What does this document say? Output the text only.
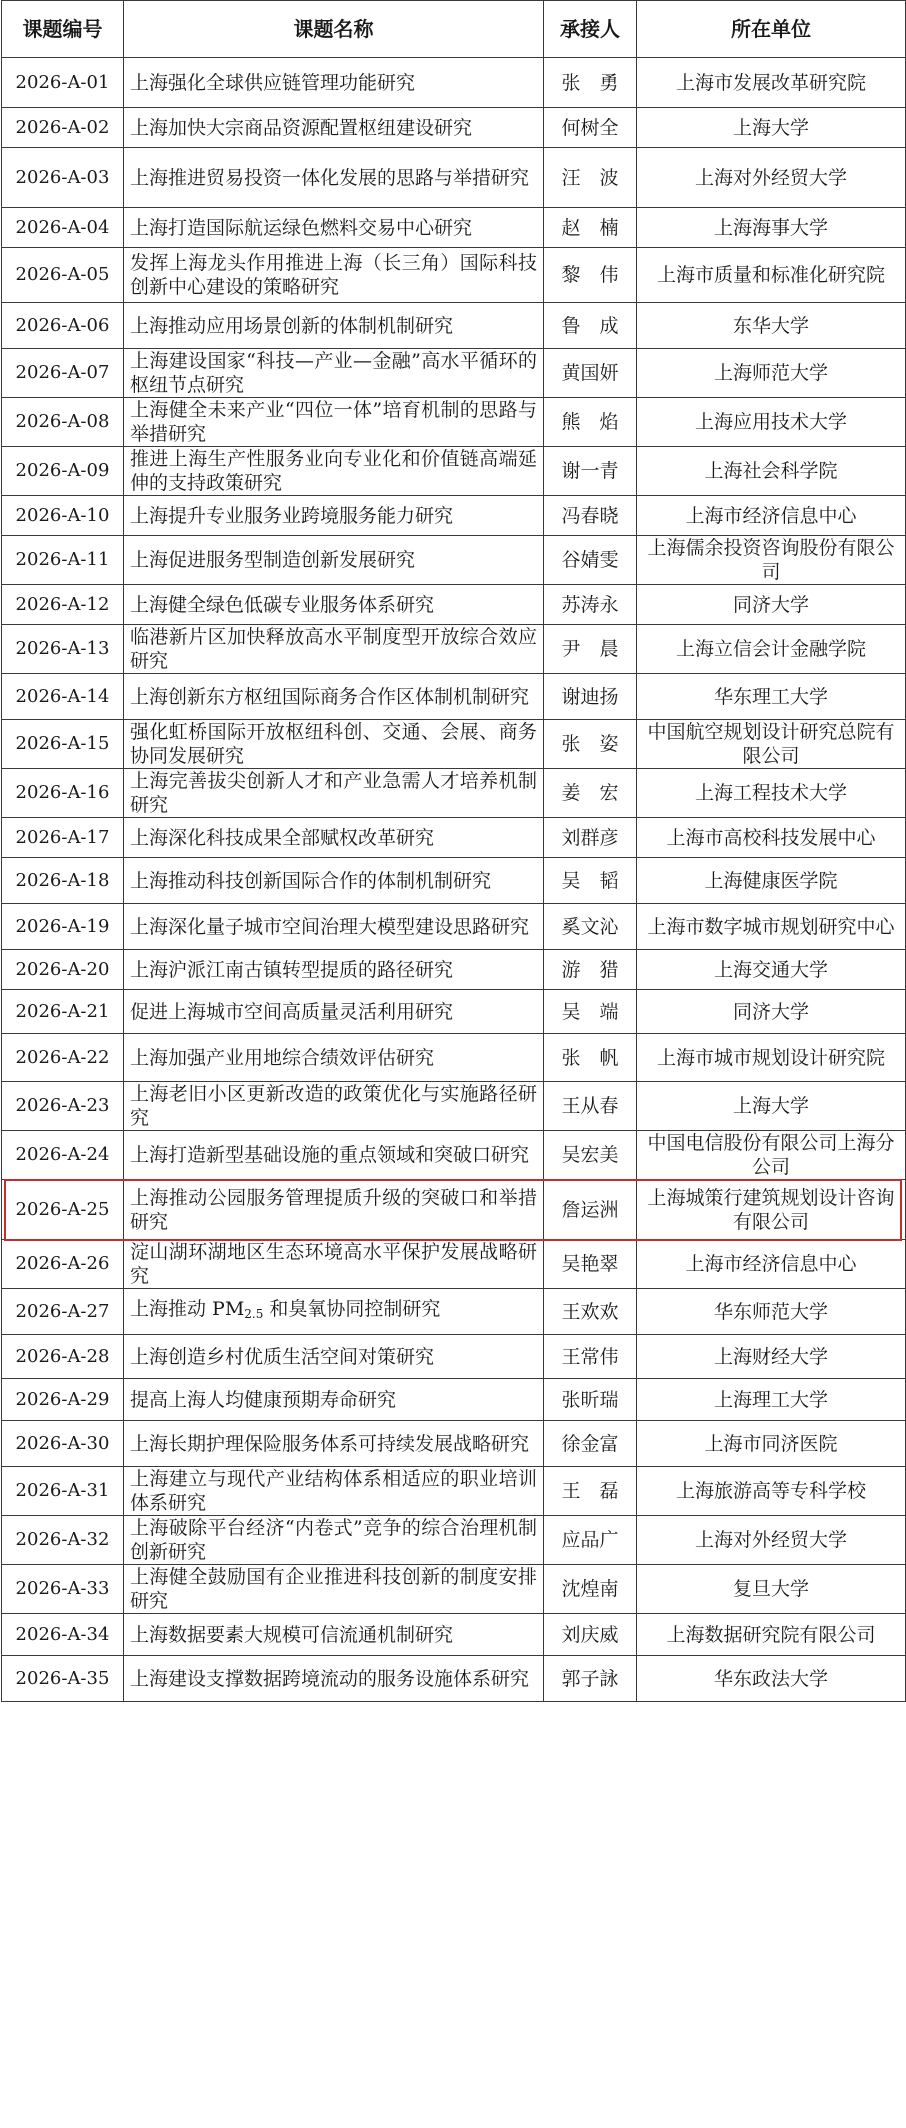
课题编号	课题名称	承接人	所在单位
2026-A-01	上海强化全球供应链管理功能研究	张　勇	上海市发展改革研究院
2026-A-02	上海加快大宗商品资源配置枢纽建设研究	何树全	上海大学
2026-A-03	上海推进贸易投资一体化发展的思路与举措研究	汪　波	上海对外经贸大学
2026-A-04	上海打造国际航运绿色燃料交易中心研究	赵　楠	上海海事大学
2026-A-05	发挥上海龙头作用推进上海（长三角）国际科技创新中心建设的策略研究	黎　伟	上海市质量和标准化研究院
2026-A-06	上海推动应用场景创新的体制机制研究	鲁　成	东华大学
2026-A-07	上海建设国家“科技—产业—金融”高水平循环的枢纽节点研究	黄国妍	上海师范大学
2026-A-08	上海健全未来产业“四位一体”培育机制的思路与举措研究	熊　焰	上海应用技术大学
2026-A-09	推进上海生产性服务业向专业化和价值链高端延伸的支持政策研究	谢一青	上海社会科学院
2026-A-10	上海提升专业服务业跨境服务能力研究	冯春晓	上海市经济信息中心
2026-A-11	上海促进服务型制造创新发展研究	谷婧雯	上海儒余投资咨询股份有限公司
2026-A-12	上海健全绿色低碳专业服务体系研究	苏涛永	同济大学
2026-A-13	临港新片区加快释放高水平制度型开放综合效应研究	尹　晨	上海立信会计金融学院
2026-A-14	上海创新东方枢纽国际商务合作区体制机制研究	谢迪扬	华东理工大学
2026-A-15	强化虹桥国际开放枢纽科创、交通、会展、商务协同发展研究	张　姿	中国航空规划设计研究总院有限公司
2026-A-16	上海完善拔尖创新人才和产业急需人才培养机制研究	姜　宏	上海工程技术大学
2026-A-17	上海深化科技成果全部赋权改革研究	刘群彦	上海市高校科技发展中心
2026-A-18	上海推动科技创新国际合作的体制机制研究	吴　韬	上海健康医学院
2026-A-19	上海深化量子城市空间治理大模型建设思路研究	奚文沁	上海市数字城市规划研究中心
2026-A-20	上海沪派江南古镇转型提质的路径研究	游　猎	上海交通大学
2026-A-21	促进上海城市空间高质量灵活利用研究	吴　端	同济大学
2026-A-22	上海加强产业用地综合绩效评估研究	张　帆	上海市城市规划设计研究院
2026-A-23	上海老旧小区更新改造的政策优化与实施路径研究	王从春	上海大学
2026-A-24	上海打造新型基础设施的重点领域和突破口研究	吴宏美	中国电信股份有限公司上海分公司
2026-A-25	上海推动公园服务管理提质升级的突破口和举措研究	詹运洲	上海城策行建筑规划设计咨询有限公司
2026-A-26	淀山湖环湖地区生态环境高水平保护发展战略研究	吴艳翠	上海市经济信息中心
2026-A-27	上海推动 $PM_{2.5}$ 和臭氧协同控制研究	王欢欢	华东师范大学
2026-A-28	上海创造乡村优质生活空间对策研究	王常伟	上海财经大学
2026-A-29	提高上海人均健康预期寿命研究	张昕瑞	上海理工大学
2026-A-30	上海长期护理保险服务体系可持续发展战略研究	徐金富	上海市同济医院
2026-A-31	上海建立与现代产业结构体系相适应的职业培训体系研究	王　磊	上海旅游高等专科学校
2026-A-32	上海破除平台经济“内卷式”竞争的综合治理机制创新研究	应品广	上海对外经贸大学
2026-A-33	上海健全鼓励国有企业推进科技创新的制度安排研究	沈煌南	复旦大学
2026-A-34	上海数据要素大规模可信流通机制研究	刘庆威	上海数据研究院有限公司
2026-A-35	上海建设支撑数据跨境流动的服务设施体系研究	郭子詠	华东政法大学
